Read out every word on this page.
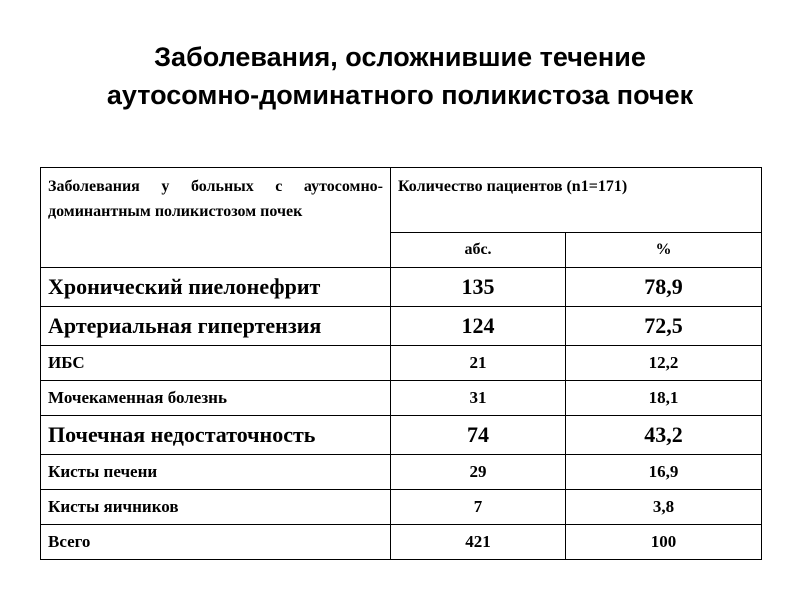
Заболевания, осложнившие течение
аутосомно-доминатного поликистоза почек
Заболевания у больных с аутосомно-доминантным поликистозом почек	Количество пациентов (n1=171)	
	абс.	%
Хронический пиелонефрит	135	78,9
Артериальная гипертензия	124	72,5
ИБС	21	12,2
Мочекаменная болезнь	31	18,1
Почечная недостаточность	74	43,2
Кисты печени	29	16,9
Кисты яичников	7	3,8
Всего	421	100
